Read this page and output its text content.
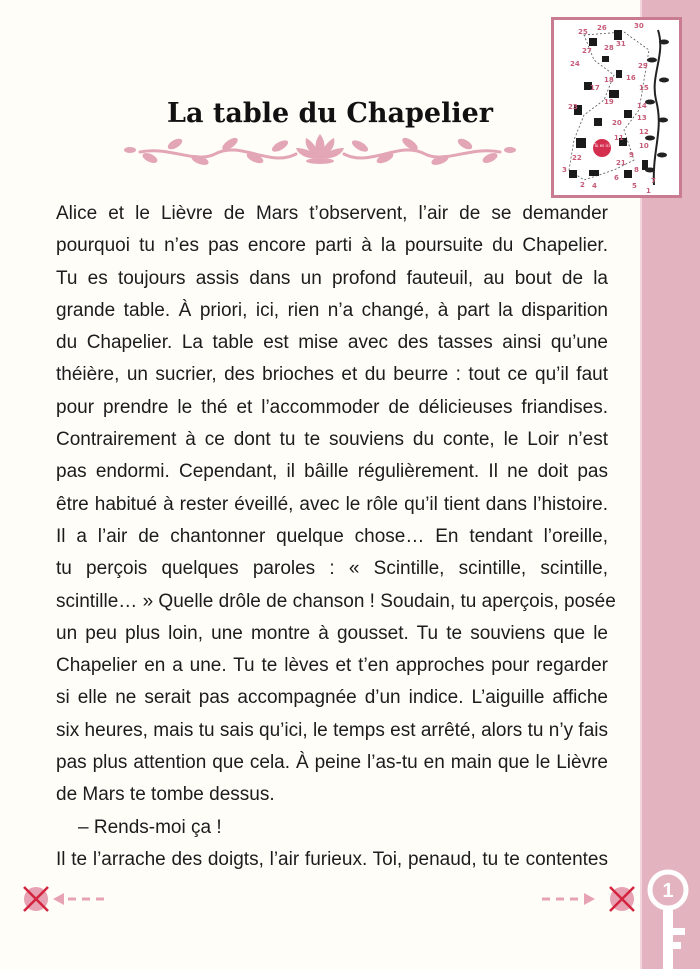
Tu es ici
25 26	30
31
27 28
24	29
16
18
17	15
23
19	14
13
20
12
11
22
10
21
9
8
6	7
4	5
3
2
1
La table du Chapelier
Alice et le Lièvre de Mars t’observent, l’air de se demander
pourquoi tu n’es pas encore parti à la poursuite du Chapelier.
Tu es toujours assis dans un profond fauteuil, au bout de la
grande table. À priori, ici, rien n’a changé, à part la disparition
du Chapelier. La table est mise avec des tasses ainsi qu’une
théière, un sucrier, des brioches et du beurre : tout ce qu’il faut
pour prendre le thé et l’accommoder de délicieuses friandises.
Contrairement à ce dont tu te souviens du conte, le Loir n’est
pas endormi. Cependant, il bâille régulièrement. Il ne doit pas
être habitué à rester éveillé, avec le rôle qu’il tient dans l’histoire.
Il a l’air de chantonner quelque chose… En tendant l’oreille,
tu perçois quelques paroles : « Scintille, scintille, scintille,
scintille… » Quelle drôle de chanson ! Soudain, tu aperçois, posée
un peu plus loin, une montre à gousset. Tu te souviens que le
Chapelier en a une. Tu te lèves et t’en approches pour regarder
si elle ne serait pas accompagnée d’un indice. L’aiguille affiche
six heures, mais tu sais qu’ici, le temps est arrêté, alors tu n’y fais
pas plus attention que cela. À peine l’as-tu en main que le Lièvre
de Mars te tombe dessus.
– Rends-moi ça !
Il te l’arrache des doigts, l’air furieux. Toi, penaud, tu te contentes
1
